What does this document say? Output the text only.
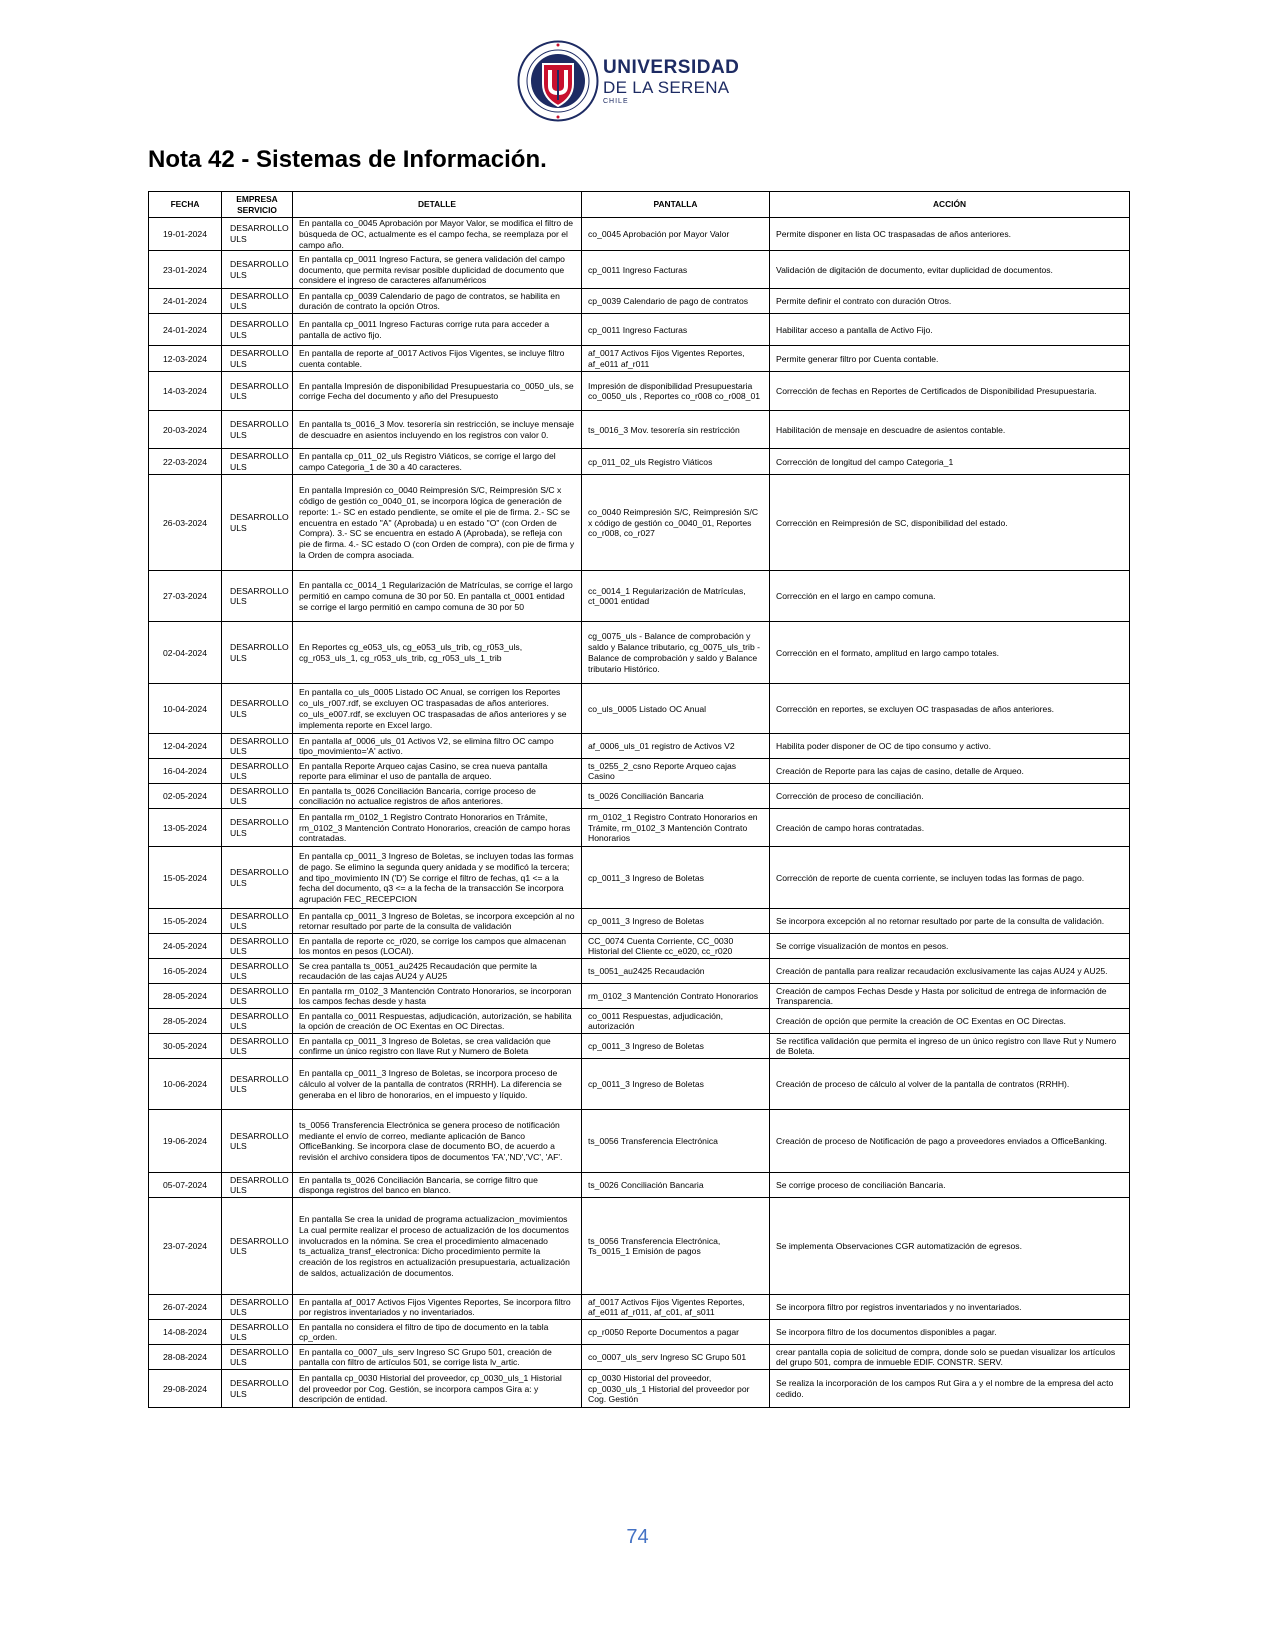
UNIVERSIDAD
DE LA SERENA
CHILE
Nota 42 - Sistemas de Información.
FECHA	EMPRESA SERVICIO	DETALLE	PANTALLA	ACCIÓN
19-01-2024	DESARROLLO ULS	En pantalla co_0045 Aprobación por Mayor Valor, se modifica el filtro de búsqueda de OC, actualmente es el campo fecha, se reemplaza por el campo año.	co_0045 Aprobación por Mayor Valor	Permite disponer en lista OC traspasadas de años anteriores.
23-01-2024	DESARROLLO ULS	En pantalla cp_0011 Ingreso Factura, se genera validación del campo documento, que permita revisar posible duplicidad de documento que considere el ingreso de caracteres alfanuméricos	cp_0011 Ingreso Facturas	Validación de digitación de documento, evitar duplicidad de documentos.
24-01-2024	DESARROLLO ULS	En pantalla cp_0039 Calendario de pago de contratos, se habilita en duración de contrato la opción Otros.	cp_0039 Calendario de pago de contratos	Permite definir el contrato con duración Otros.
24-01-2024	DESARROLLO ULS	En pantalla cp_0011 Ingreso Facturas corrige ruta para acceder a pantalla de activo fijo.	cp_0011 Ingreso Facturas	Habilitar acceso a pantalla de Activo Fijo.
12-03-2024	DESARROLLO ULS	En pantalla de reporte af_0017 Activos Fijos Vigentes, se incluye filtro cuenta contable.	af_0017 Activos Fijos Vigentes Reportes, af_e011 af_r011	Permite generar filtro por Cuenta contable.
14-03-2024	DESARROLLO ULS	En pantalla Impresión de disponibilidad Presupuestaria co_0050_uls, se corrige Fecha del documento y año del Presupuesto	Impresión de disponibilidad Presupuestaria co_0050_uls , Reportes co_r008 co_r008_01	Corrección de fechas en Reportes de Certificados de Disponibilidad Presupuestaria.
20-03-2024	DESARROLLO ULS	En pantalla ts_0016_3 Mov. tesorería sin restricción, se incluye mensaje de descuadre en asientos incluyendo en los registros con valor 0.	ts_0016_3 Mov. tesorería sin restricción	Habilitación de mensaje en descuadre de asientos contable.
22-03-2024	DESARROLLO ULS	En pantalla cp_011_02_uls Registro Viáticos, se corrige el largo del campo Categoria_1 de 30 a 40 caracteres.	cp_011_02_uls Registro Viáticos	Corrección de longitud del campo Categoria_1
26-03-2024	DESARROLLO ULS	En pantalla Impresión co_0040 Reimpresión S/C, Reimpresión S/C x código de gestión co_0040_01, se incorpora lógica de generación de reporte: 1.- SC en estado pendiente, se omite el pie de firma. 2.- SC se encuentra en estado "A" (Aprobada) u en estado "O" (con Orden de Compra). 3.- SC se encuentra en estado A (Aprobada), se refleja con pie de firma. 4.- SC estado O (con Orden de compra), con pie de firma y la Orden de compra asociada.	co_0040 Reimpresión S/C, Reimpresión S/C x código de gestión co_0040_01, Reportes co_r008, co_r027	Corrección en Reimpresión de SC, disponibilidad del estado.
27-03-2024	DESARROLLO ULS	En pantalla cc_0014_1 Regularización de Matrículas, se corrige el largo permitió en campo comuna de 30 por 50. En pantalla ct_0001 entidad se corrige el largo permitió en campo comuna de 30 por 50	cc_0014_1 Regularización de Matrículas, ct_0001 entidad	Corrección en el largo en campo comuna.
02-04-2024	DESARROLLO ULS	En Reportes cg_e053_uls, cg_e053_uls_trib, cg_r053_uls, cg_r053_uls_1, cg_r053_uls_trib, cg_r053_uls_1_trib	cg_0075_uls - Balance de comprobación y saldo y Balance tributario, cg_0075_uls_trib - Balance de comprobación y saldo y Balance tributario Histórico.	Corrección en el formato, amplitud en largo campo totales.
10-04-2024	DESARROLLO ULS	En pantalla co_uls_0005 Listado OC Anual, se corrigen los Reportes co_uls_r007.rdf, se excluyen OC traspasadas de años anteriores. co_uls_e007.rdf, se excluyen OC traspasadas de años anteriores y se implementa reporte en Excel largo.	co_uls_0005 Listado OC Anual	Corrección en reportes, se excluyen OC traspasadas de años anteriores.
12-04-2024	DESARROLLO ULS	En pantalla af_0006_uls_01 Activos V2, se elimina filtro OC campo tipo_movimiento='A' activo.	af_0006_uls_01 registro de Activos V2	Habilita poder disponer de OC de tipo consumo y activo.
16-04-2024	DESARROLLO ULS	En pantalla Reporte Arqueo cajas Casino, se crea nueva pantalla reporte para eliminar el uso de pantalla de arqueo.	ts_0255_2_csno Reporte Arqueo cajas Casino	Creación de Reporte para las cajas de casino, detalle de Arqueo.
02-05-2024	DESARROLLO ULS	En pantalla ts_0026 Conciliación Bancaria, corrige proceso de conciliación no actualice registros de años anteriores.	ts_0026 Conciliación Bancaria	Corrección de proceso de conciliación.
13-05-2024	DESARROLLO ULS	En pantalla rm_0102_1 Registro Contrato Honorarios en Trámite, rm_0102_3 Mantención Contrato Honorarios, creación de campo horas contratadas.	rm_0102_1 Registro Contrato Honorarios en Trámite, rm_0102_3 Mantención Contrato Honorarios	Creación de campo horas contratadas.
15-05-2024	DESARROLLO ULS	En pantalla cp_0011_3 Ingreso de Boletas, se incluyen todas las formas de pago. Se elimino la segunda query anidada y se modificó la tercera; and tipo_movimiento IN ('D') Se corrige el filtro de fechas, q1 <= a la fecha del documento, q3 <= a la fecha de la transacción Se incorpora agrupación FEC_RECEPCION	cp_0011_3 Ingreso de Boletas	Corrección de reporte de cuenta corriente, se incluyen todas las formas de pago.
15-05-2024	DESARROLLO ULS	En pantalla cp_0011_3 Ingreso de Boletas, se incorpora excepción al no retornar resultado por parte de la consulta de validación	cp_0011_3 Ingreso de Boletas	Se incorpora excepción al no retornar resultado por parte de la consulta de validación.
24-05-2024	DESARROLLO ULS	En pantalla de reporte cc_r020, se corrige los campos que almacenan los montos en pesos (LOCAl).	CC_0074 Cuenta Corriente, CC_0030 Historial del Cliente cc_e020, cc_r020	Se corrige visualización de montos en pesos.
16-05-2024	DESARROLLO ULS	Se crea pantalla ts_0051_au2425 Recaudación que permite la recaudación de las cajas AU24 y AU25	ts_0051_au2425 Recaudación	Creación de pantalla para realizar recaudación exclusivamente las cajas AU24 y AU25.
28-05-2024	DESARROLLO ULS	En pantalla rm_0102_3 Mantención Contrato Honorarios, se incorporan los campos fechas desde y hasta	rm_0102_3 Mantención Contrato Honorarios	Creación de campos Fechas Desde y Hasta por solicitud de entrega de información de Transparencia.
28-05-2024	DESARROLLO ULS	En pantalla co_0011 Respuestas, adjudicación, autorización, se habilita la opción de creación de OC Exentas en OC Directas.	co_0011 Respuestas, adjudicación, autorización	Creación de opción que permite la creación de OC Exentas en OC Directas.
30-05-2024	DESARROLLO ULS	En pantalla cp_0011_3 Ingreso de Boletas, se crea validación que confirme un único registro con llave Rut y Numero de Boleta	cp_0011_3 Ingreso de Boletas	Se rectifica validación que permita el ingreso de un único registro con llave Rut y Numero de Boleta.
10-06-2024	DESARROLLO ULS	En pantalla cp_0011_3 Ingreso de Boletas, se incorpora proceso de cálculo al volver de la pantalla de contratos (RRHH). La diferencia se generaba en el libro de honorarios, en el impuesto y líquido.	cp_0011_3 Ingreso de Boletas	Creación de proceso de cálculo al volver de la pantalla de contratos (RRHH).
19-06-2024	DESARROLLO ULS	ts_0056 Transferencia Electrónica se genera proceso de notificación mediante el envío de correo, mediante aplicación de Banco OfficeBanking. Se incorpora clase de documento BO, de acuerdo a revisión el archivo considera tipos de documentos 'FA','ND','VC', 'AF'.	ts_0056 Transferencia Electrónica	Creación de proceso de Notificación de pago a proveedores enviados a OfficeBanking.
05-07-2024	DESARROLLO ULS	En pantalla ts_0026 Conciliación Bancaria, se corrige filtro que disponga registros del banco en blanco.	ts_0026 Conciliación Bancaria	Se corrige proceso de conciliación Bancaria.
23-07-2024	DESARROLLO ULS	En pantalla Se crea la unidad de programa actualizacion_movimientos La cual permite realizar el proceso de actualización de los documentos involucrados en la nómina. Se crea el procedimiento almacenado ts_actualiza_transf_electronica: Dicho procedimiento permite la creación de los registros en actualización presupuestaria, actualización de saldos, actualización de documentos.	ts_0056 Transferencia Electrónica, Ts_0015_1 Emisión de pagos	Se implementa Observaciones CGR automatización de egresos.
26-07-2024	DESARROLLO ULS	En pantalla af_0017 Activos Fijos Vigentes Reportes, Se incorpora filtro por registros inventariados y no inventariados.	af_0017 Activos Fijos Vigentes Reportes, af_e011 af_r011, af_c01, af_s011	Se incorpora filtro por registros inventariados y no inventariados.
14-08-2024	DESARROLLO ULS	En pantalla no considera el filtro de tipo de documento en la tabla cp_orden.	cp_r0050 Reporte Documentos a pagar	Se incorpora filtro de los documentos disponibles a pagar.
28-08-2024	DESARROLLO ULS	En pantalla co_0007_uls_serv Ingreso SC Grupo 501, creación de pantalla con filtro de artículos 501, se corrige lista lv_artic.	co_0007_uls_serv Ingreso SC Grupo 501	crear pantalla copia de solicitud de compra, donde solo se puedan visualizar los artículos del grupo 501, compra de inmueble EDIF. CONSTR. SERV.
29-08-2024	DESARROLLO ULS	En pantalla cp_0030 Historial del proveedor, cp_0030_uls_1 Historial del proveedor por Cog. Gestión, se incorpora campos Gira a: y descripción de entidad.	cp_0030 Historial del proveedor, cp_0030_uls_1 Historial del proveedor por Cog. Gestión	Se realiza la incorporación de los campos Rut Gira a y el nombre de la empresa del acto cedido.
74
